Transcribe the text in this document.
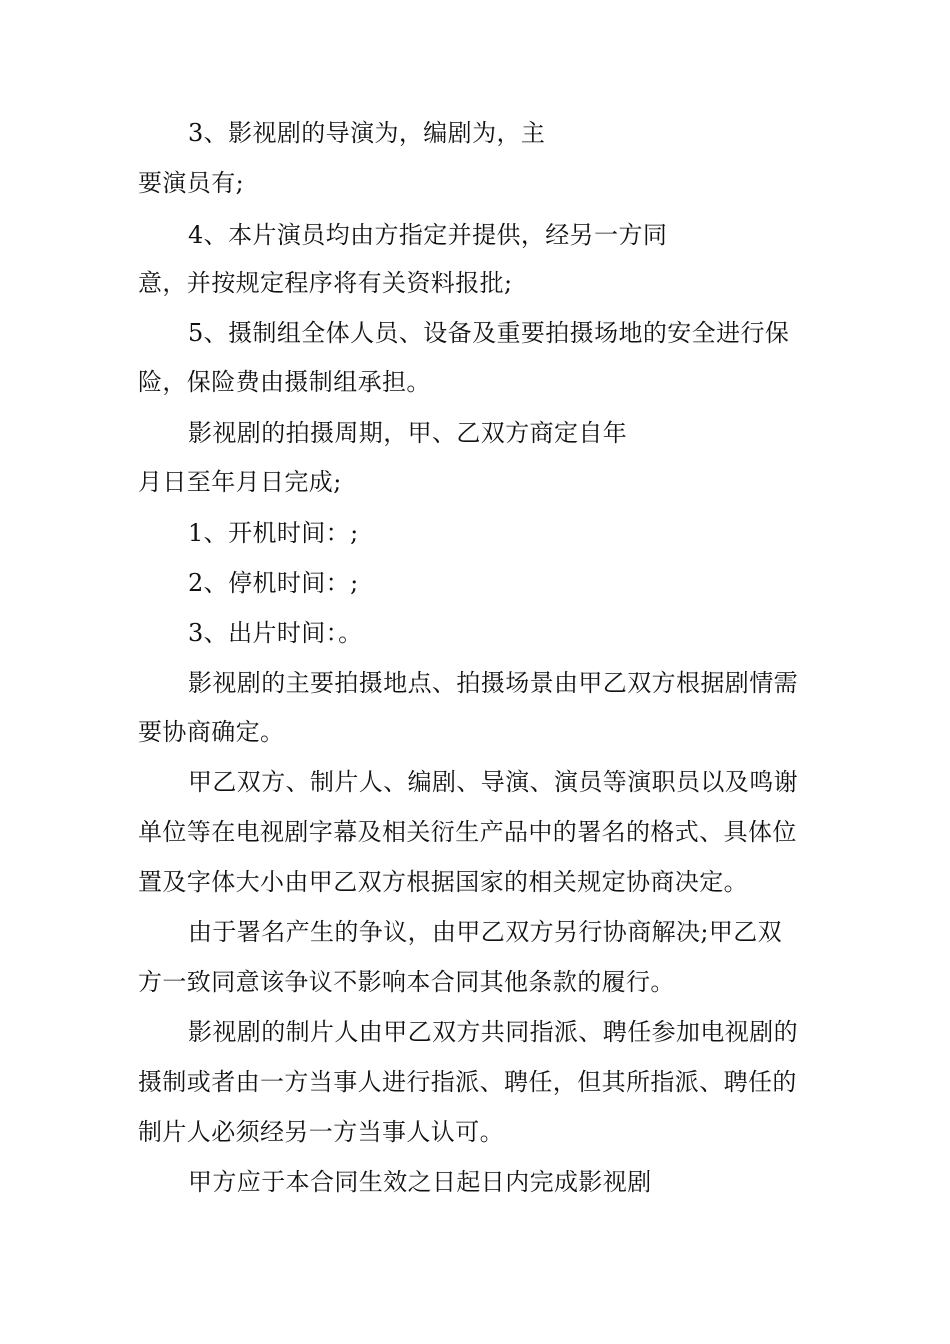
3、影视剧的导演为，编剧为，主
要演员有;
4、本片演员均由方指定并提供，经另一方同
意，并按规定程序将有关资料报批;
5、摄制组全体人员、设备及重要拍摄场地的安全进行保
险，保险费由摄制组承担。
影视剧的拍摄周期，甲、乙双方商定自年
月日至年月日完成;
1、开机时间：;
2、停机时间：;
3、出片时间：。
影视剧的主要拍摄地点、拍摄场景由甲乙双方根据剧情需
要协商确定。
甲乙双方、制片人、编剧、导演、演员等演职员以及鸣谢
单位等在电视剧字幕及相关衍生产品中的署名的格式、具体位
置及字体大小由甲乙双方根据国家的相关规定协商决定。
由于署名产生的争议，由甲乙双方另行协商解决;甲乙双
方一致同意该争议不影响本合同其他条款的履行。
影视剧的制片人由甲乙双方共同指派、聘任参加电视剧的
摄制或者由一方当事人进行指派、聘任，但其所指派、聘任的
制片人必须经另一方当事人认可。
甲方应于本合同生效之日起日内完成影视剧
